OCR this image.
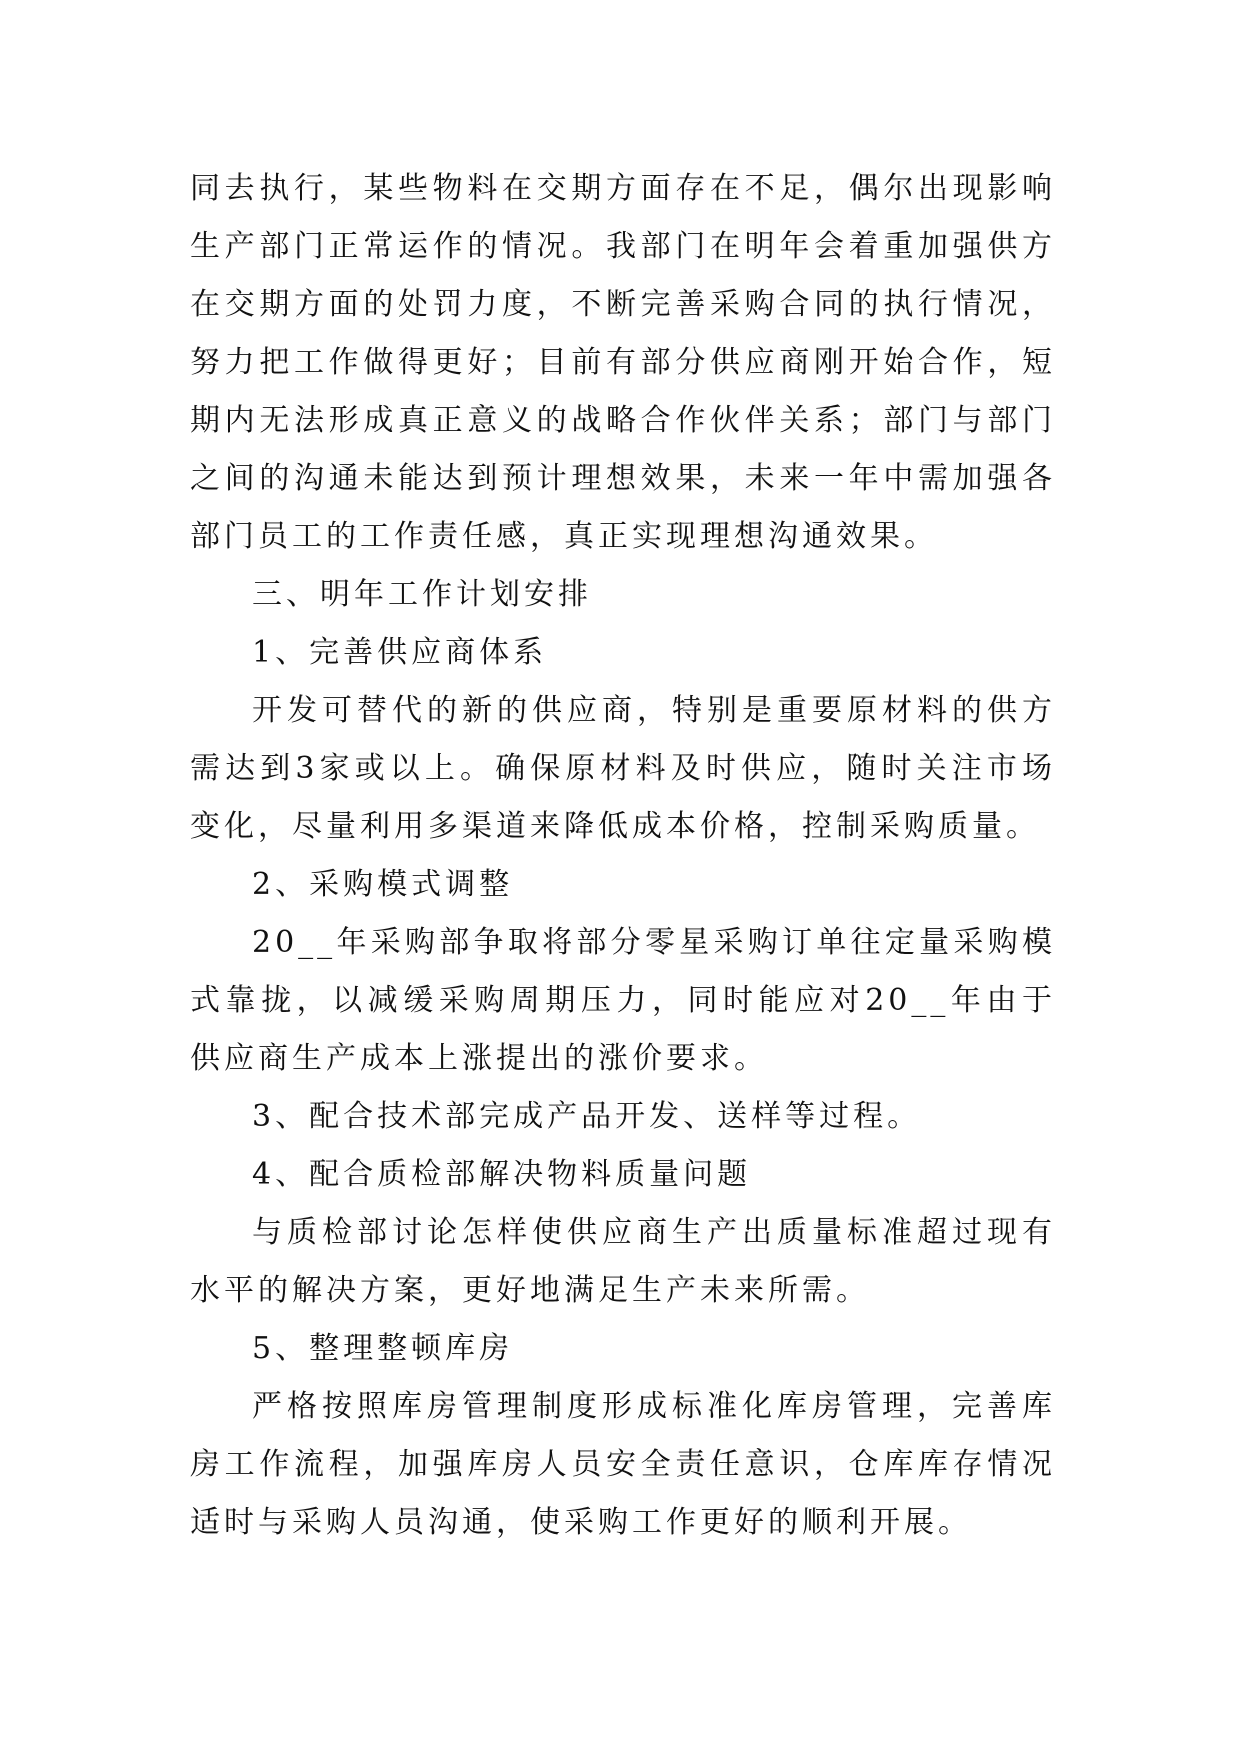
同去执行，某些物料在交期方面存在不足，偶尔出现影响生产部门正常运作的情况。我部门在明年会着重加强供方在交期方面的处罚力度，不断完善采购合同的执行情况，努力把工作做得更好；目前有部分供应商刚开始合作，短期内无法形成真正意义的战略合作伙伴关系；部门与部门之间的沟通未能达到预计理想效果，未来一年中需加强各部门员工的工作责任感，真正实现理想沟通效果。

三、明年工作计划安排

1、完善供应商体系

开发可替代的新的供应商，特别是重要原材料的供方需达到3家或以上。确保原材料及时供应，随时关注市场变化，尽量利用多渠道来降低成本价格，控制采购质量。

2、采购模式调整

20__年采购部争取将部分零星采购订单往定量采购模式靠拢，以减缓采购周期压力，同时能应对20__年由于供应商生产成本上涨提出的涨价要求。

3、配合技术部完成产品开发、送样等过程。

4、配合质检部解决物料质量问题

与质检部讨论怎样使供应商生产出质量标准超过现有水平的解决方案，更好地满足生产未来所需。

5、整理整顿库房

严格按照库房管理制度形成标准化库房管理，完善库房工作流程，加强库房人员安全责任意识，仓库库存情况适时与采购人员沟通，使采购工作更好的顺利开展。
